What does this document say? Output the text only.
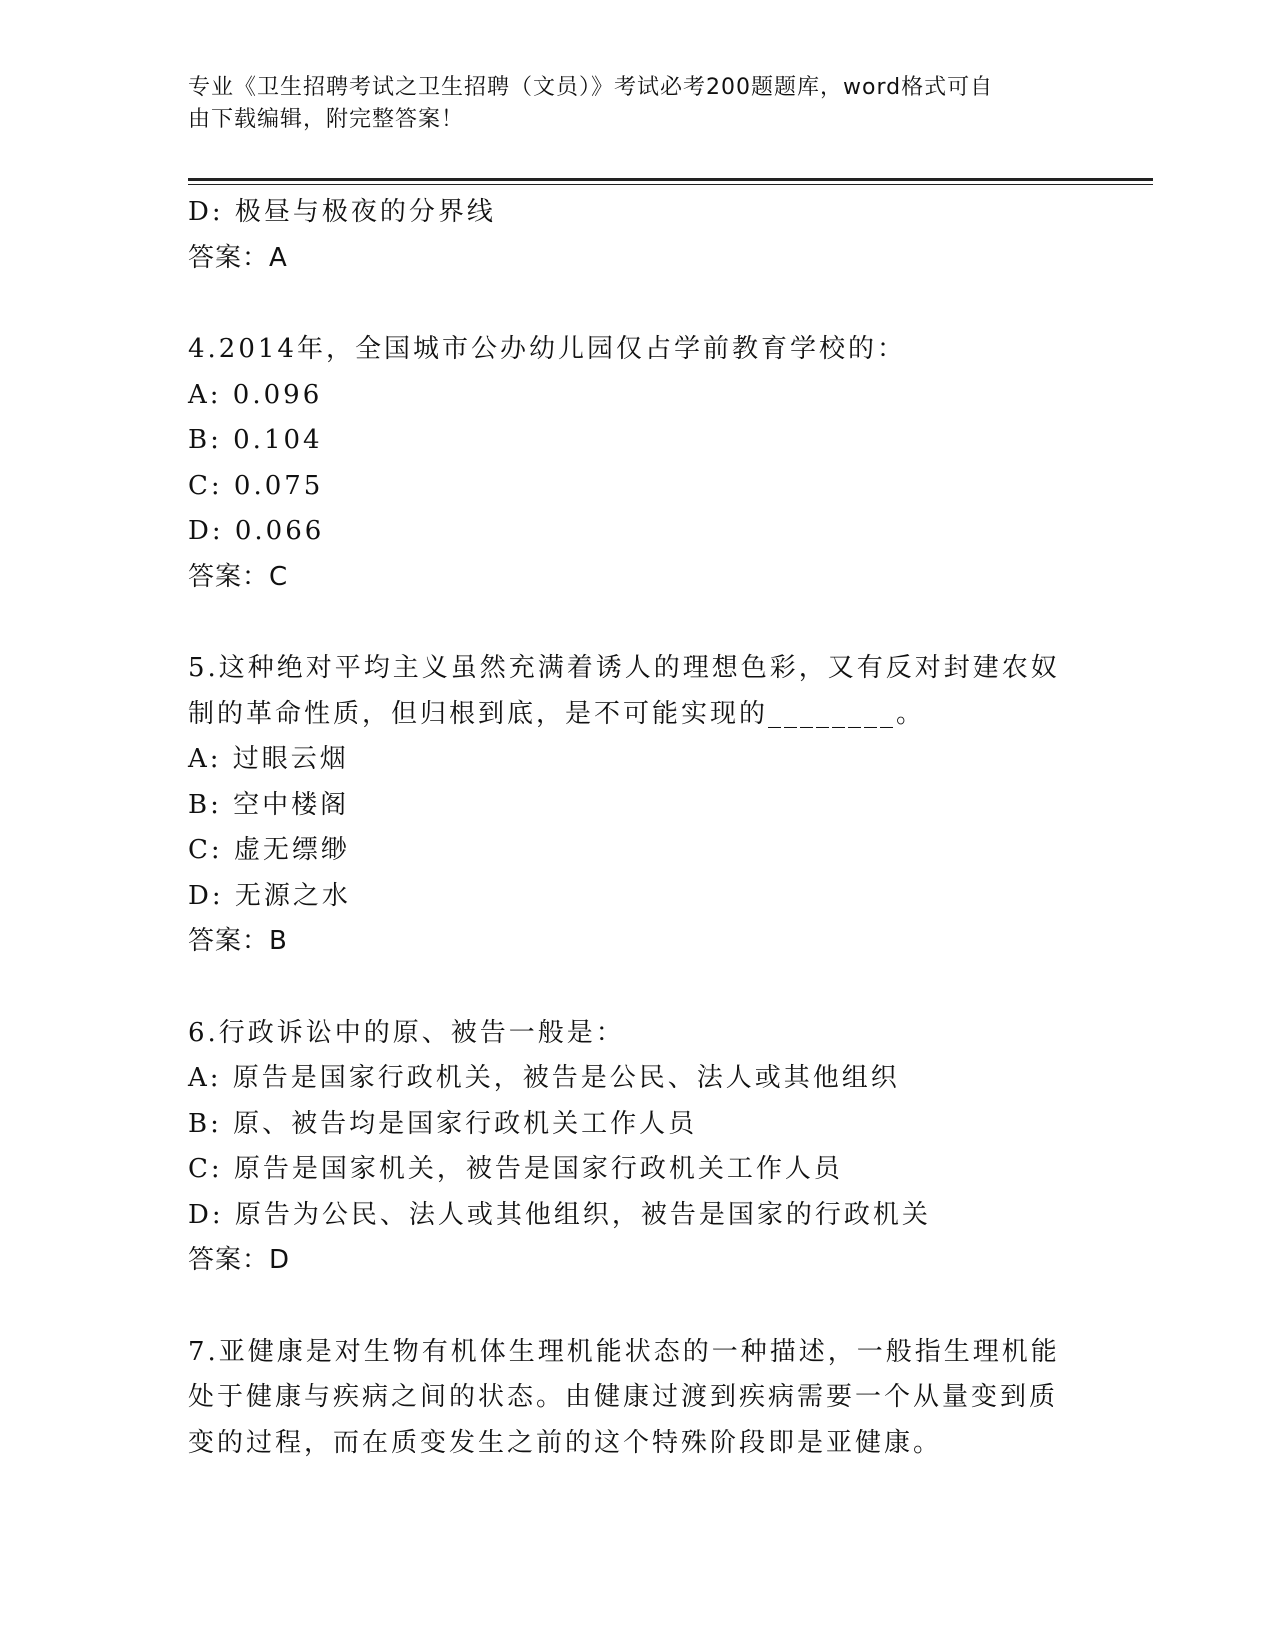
专业《卫生招聘考试之卫生招聘（文员）》考试必考200题题库，word格式可自
由下载编辑，附完整答案！
D: 极昼与极夜的分界线
答案：A
4.2014年，全国城市公办幼儿园仅占学前教育学校的：
A: 0.096
B: 0.104
C: 0.075
D: 0.066
答案：C
5.这种绝对平均主义虽然充满着诱人的理想色彩，又有反对封建农奴
制的革命性质，但归根到底，是不可能实现的________。
A: 过眼云烟
B: 空中楼阁
C: 虚无缥缈
D: 无源之水
答案：B
6.行政诉讼中的原、被告一般是：
A: 原告是国家行政机关，被告是公民、法人或其他组织
B: 原、被告均是国家行政机关工作人员
C: 原告是国家机关，被告是国家行政机关工作人员
D: 原告为公民、法人或其他组织，被告是国家的行政机关
答案：D
7.亚健康是对生物有机体生理机能状态的一种描述，一般指生理机能
处于健康与疾病之间的状态。由健康过渡到疾病需要一个从量变到质
变的过程，而在质变发生之前的这个特殊阶段即是亚健康。
